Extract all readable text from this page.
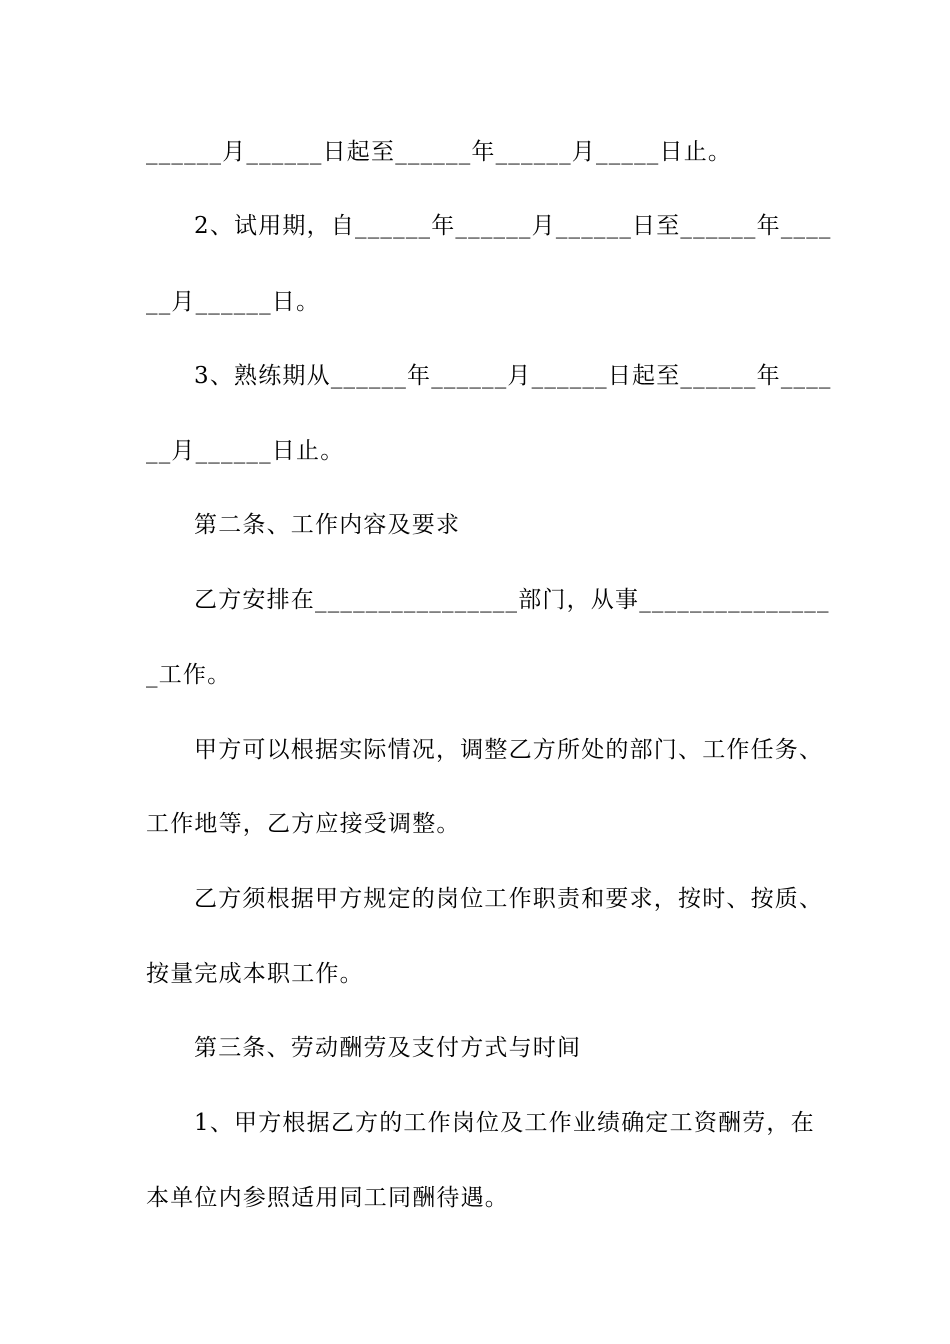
______月______日起至______年______月_____日止。
2、试用期，自______年______月______日至______年____
__月______日。
3、熟练期从______年______月______日起至______年____
__月______日止。
第二条、工作内容及要求
乙方安排在________________部门，从事_______________
_工作。
甲方可以根据实际情况，调整乙方所处的部门、工作任务、
工作地等，乙方应接受调整。
乙方须根据甲方规定的岗位工作职责和要求，按时、按质、
按量完成本职工作。
第三条、劳动酬劳及支付方式与时间
1、甲方根据乙方的工作岗位及工作业绩确定工资酬劳，在
本单位内参照适用同工同酬待遇。
